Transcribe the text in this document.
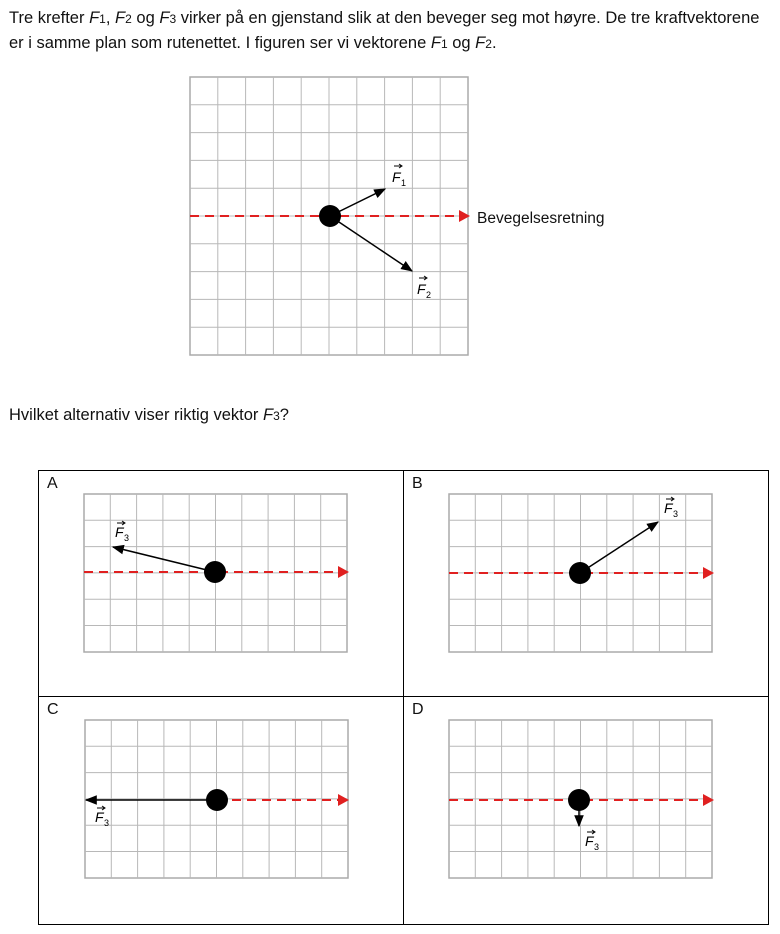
Tre krefter F1, F2 og F3 virker på en gjenstand slik at den beveger seg mot høyre. De tre kraftvektorene er i samme plan som rutenettet. I figuren ser vi vektorene F1 og F2.

Bevegelsesretning
F 1
F 2

Hvilket alternativ viser riktig vektor F3?

A
F 3
B
F 3
C
F 3
D
F 3
